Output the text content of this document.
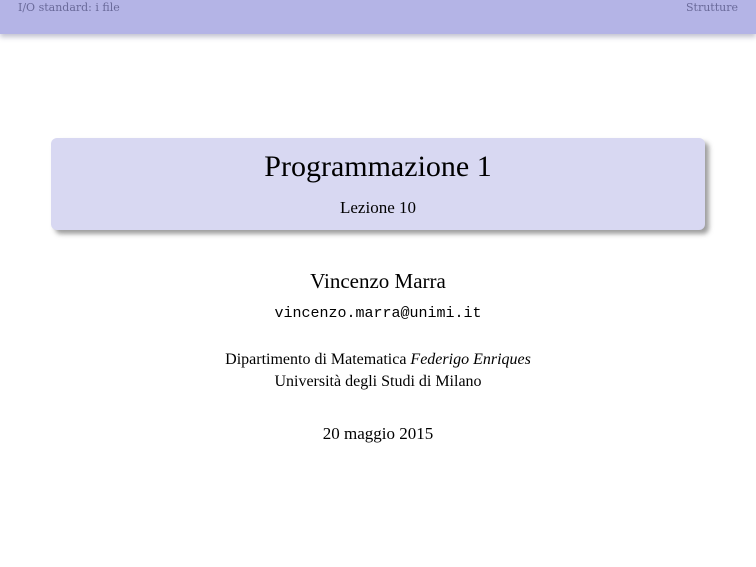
I/O standard: i file	Strutture
Programmazione 1
Lezione 10
Vincenzo Marra
vincenzo.marra@unimi.it
Dipartimento di Matematica Federigo Enriques
Università degli Studi di Milano
20 maggio 2015
